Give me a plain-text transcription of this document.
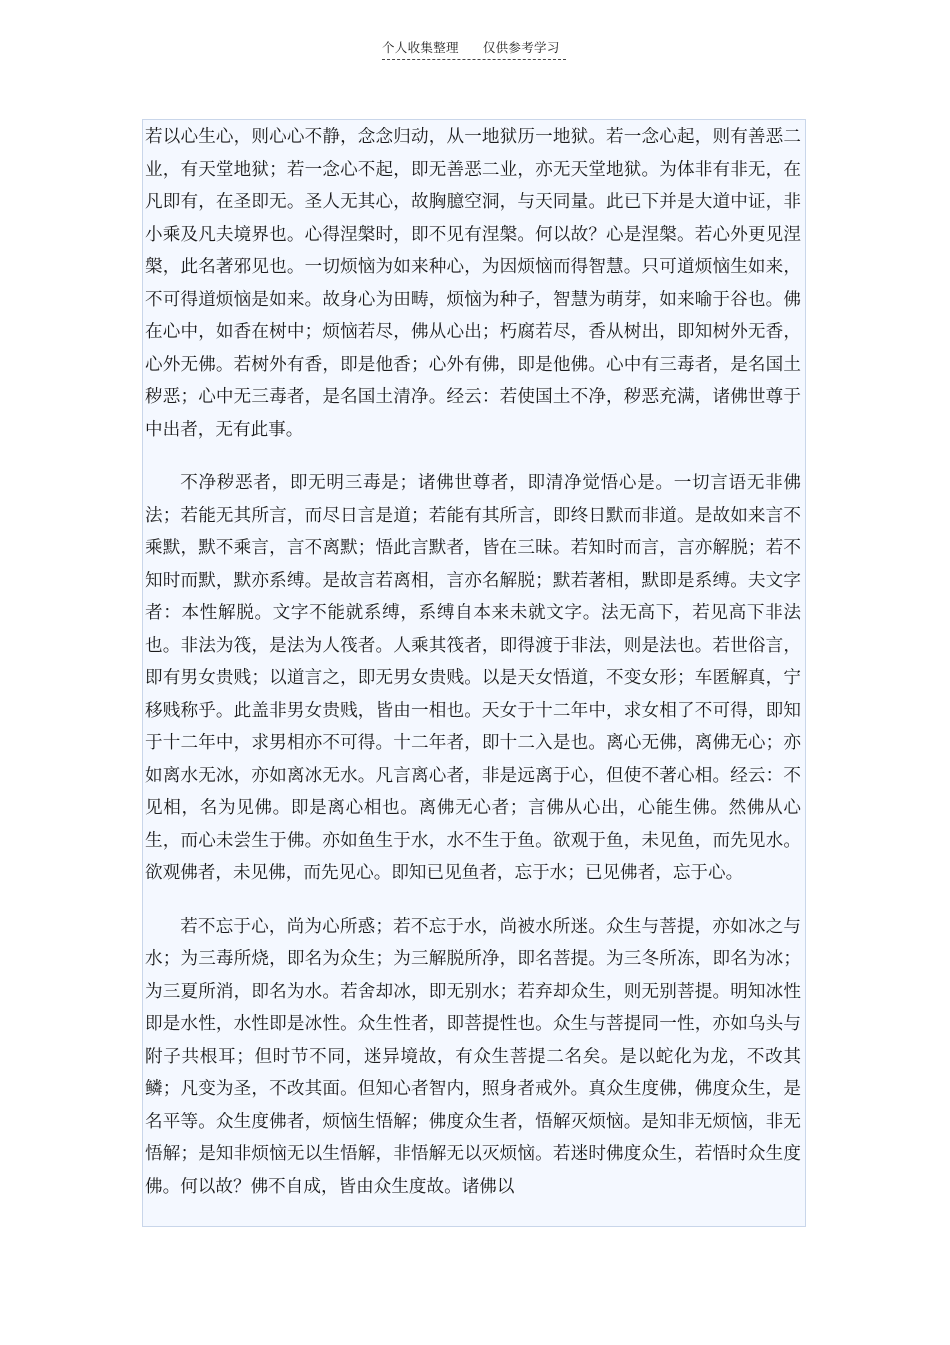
个人收集整理 仅供参考学习

若以心生心，则心心不静，念念归动，从一地狱历一地狱。若一念心起，则有善恶二业，有天堂地狱；若一念心不起，即无善恶二业，亦无天堂地狱。为体非有非无，在凡即有，在圣即无。圣人无其心，故胸臆空洞，与天同量。此已下并是大道中证，非小乘及凡夫境界也。心得涅槃时，即不见有涅槃。何以故？心是涅槃。若心外更见涅槃，此名著邪见也。一切烦恼为如来种心，为因烦恼而得智慧。只可道烦恼生如来，不可得道烦恼是如来。故身心为田畴，烦恼为种子，智慧为萌芽，如来喻于谷也。佛在心中，如香在树中；烦恼若尽，佛从心出；朽腐若尽，香从树出，即知树外无香，心外无佛。若树外有香，即是他香；心外有佛，即是他佛。心中有三毒者，是名国土秽恶；心中无三毒者，是名国土清净。经云：若使国土不净，秽恶充满，诸佛世尊于中出者，无有此事。

不净秽恶者，即无明三毒是；诸佛世尊者，即清净觉悟心是。一切言语无非佛法；若能无其所言，而尽日言是道；若能有其所言，即终日默而非道。是故如来言不乘默，默不乘言，言不离默；悟此言默者，皆在三昧。若知时而言，言亦解脱；若不知时而默，默亦系缚。是故言若离相，言亦名解脱；默若著相，默即是系缚。夫文字者：本性解脱。文字不能就系缚，系缚自本来未就文字。法无高下，若见高下非法也。非法为筏，是法为人筏者。人乘其筏者，即得渡于非法，则是法也。若世俗言，即有男女贵贱；以道言之，即无男女贵贱。以是天女悟道，不变女形；车匿解真，宁移贱称乎。此盖非男女贵贱，皆由一相也。天女于十二年中，求女相了不可得，即知于十二年中，求男相亦不可得。十二年者，即十二入是也。离心无佛，离佛无心；亦如离水无冰，亦如离冰无水。凡言离心者，非是远离于心，但使不著心相。经云：不见相，名为见佛。即是离心相也。离佛无心者；言佛从心出，心能生佛。然佛从心生，而心未尝生于佛。亦如鱼生于水，水不生于鱼。欲观于鱼，未见鱼，而先见水。欲观佛者，未见佛，而先见心。即知已见鱼者，忘于水；已见佛者，忘于心。

若不忘于心，尚为心所惑；若不忘于水，尚被水所迷。众生与菩提，亦如冰之与水；为三毒所烧，即名为众生；为三解脱所净，即名菩提。为三冬所冻，即名为冰；为三夏所消，即名为水。若舍却冰，即无别水；若弃却众生，则无别菩提。明知冰性即是水性，水性即是冰性。众生性者，即菩提性也。众生与菩提同一性，亦如乌头与附子共根耳；但时节不同，迷异境故，有众生菩提二名矣。是以蛇化为龙，不改其鳞；凡变为圣，不改其面。但知心者智内，照身者戒外。真众生度佛，佛度众生，是名平等。众生度佛者，烦恼生悟解；佛度众生者，悟解灭烦恼。是知非无烦恼，非无悟解；是知非烦恼无以生悟解，非悟解无以灭烦恼。若迷时佛度众生，若悟时众生度佛。何以故？佛不自成，皆由众生度故。诸佛以
